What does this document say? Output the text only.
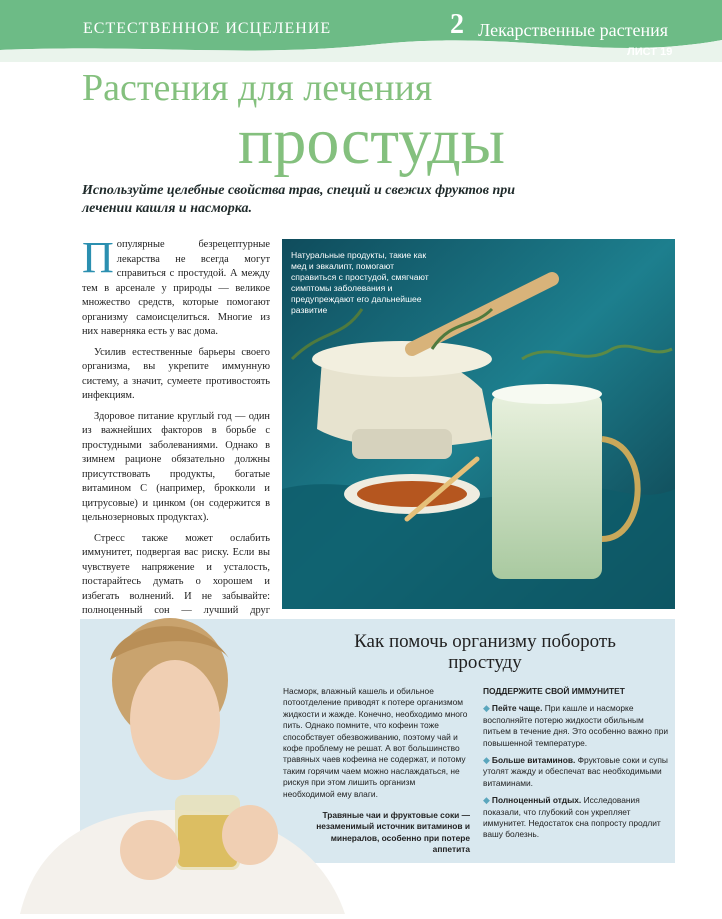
ЕСТЕСТВЕННОЕ ИСЦЕЛЕНИЕ	2 Лекарственные растения
ЛИСТ 19
Растения для лечения
простуды
Используйте целебные свойства трав, специй и свежих фруктов при лечении кашля и насморка.

Популярные безрецептурные лекарства не всегда могут справиться с простудой. А между тем в арсенале у природы — великое множество средств, которые помогают организму самоисцелиться. Многие из них наверняка есть у вас дома.

Усилив естественные барьеры своего организма, вы укрепите иммунную систему, а значит, сумеете противостоять инфекциям.

Здоровое питание круглый год — один из важнейших факторов в борьбе с простудными заболеваниями. Однако в зимнем рационе обязательно должны присутствовать продукты, богатые витамином С (например, брокколи и цитрусовые) и цинком (он содержится в цельнозерновых продуктах).

Стресс также может ослабить иммунитет, подвергая вас риску. Если вы чувствуете напряжение и усталость, постарайтесь думать о хорошем и избегать волнений. И не забывайте: полноценный сон — лучший друг

Натуральные продукты, такие как мед и эвкалипт, помогают справиться с простудой, смягчают симптомы заболевания и предупреждают его дальнейшее развитие
Как помочь организму побороть простуду
Насморк, влажный кашель и обильное потоотделение приводят к потере организмом жидкости и жажде. Конечно, необходимо много пить. Однако помните, что кофеин тоже способствует обезвоживанию, поэтому чай и кофе проблему не решат. А вот большинство травяных чаев кофеина не содержат, и потому таким горячим чаем можно наслаждаться, не рискуя при этом лишить организм необходимой ему влаги.
Травяные чаи и фруктовые соки — незаменимый источник витаминов и минералов, особенно при потере аппетита
ПОДДЕРЖИТЕ СВОЙ ИММУНИТЕТ

◆ Пейте чаще. При кашле и насморке восполняйте потерю жидкости обильным питьем в течение дня. Это особенно важно при повышенной температуре.

◆ Больше витаминов. Фруктовые соки и супы утолят жажду и обеспечат вас необходимыми витаминами.

◆ Полноценный отдых. Исследования показали, что глубокий сон укрепляет иммунитет. Недостаток сна попросту продлит вашу болезнь.
